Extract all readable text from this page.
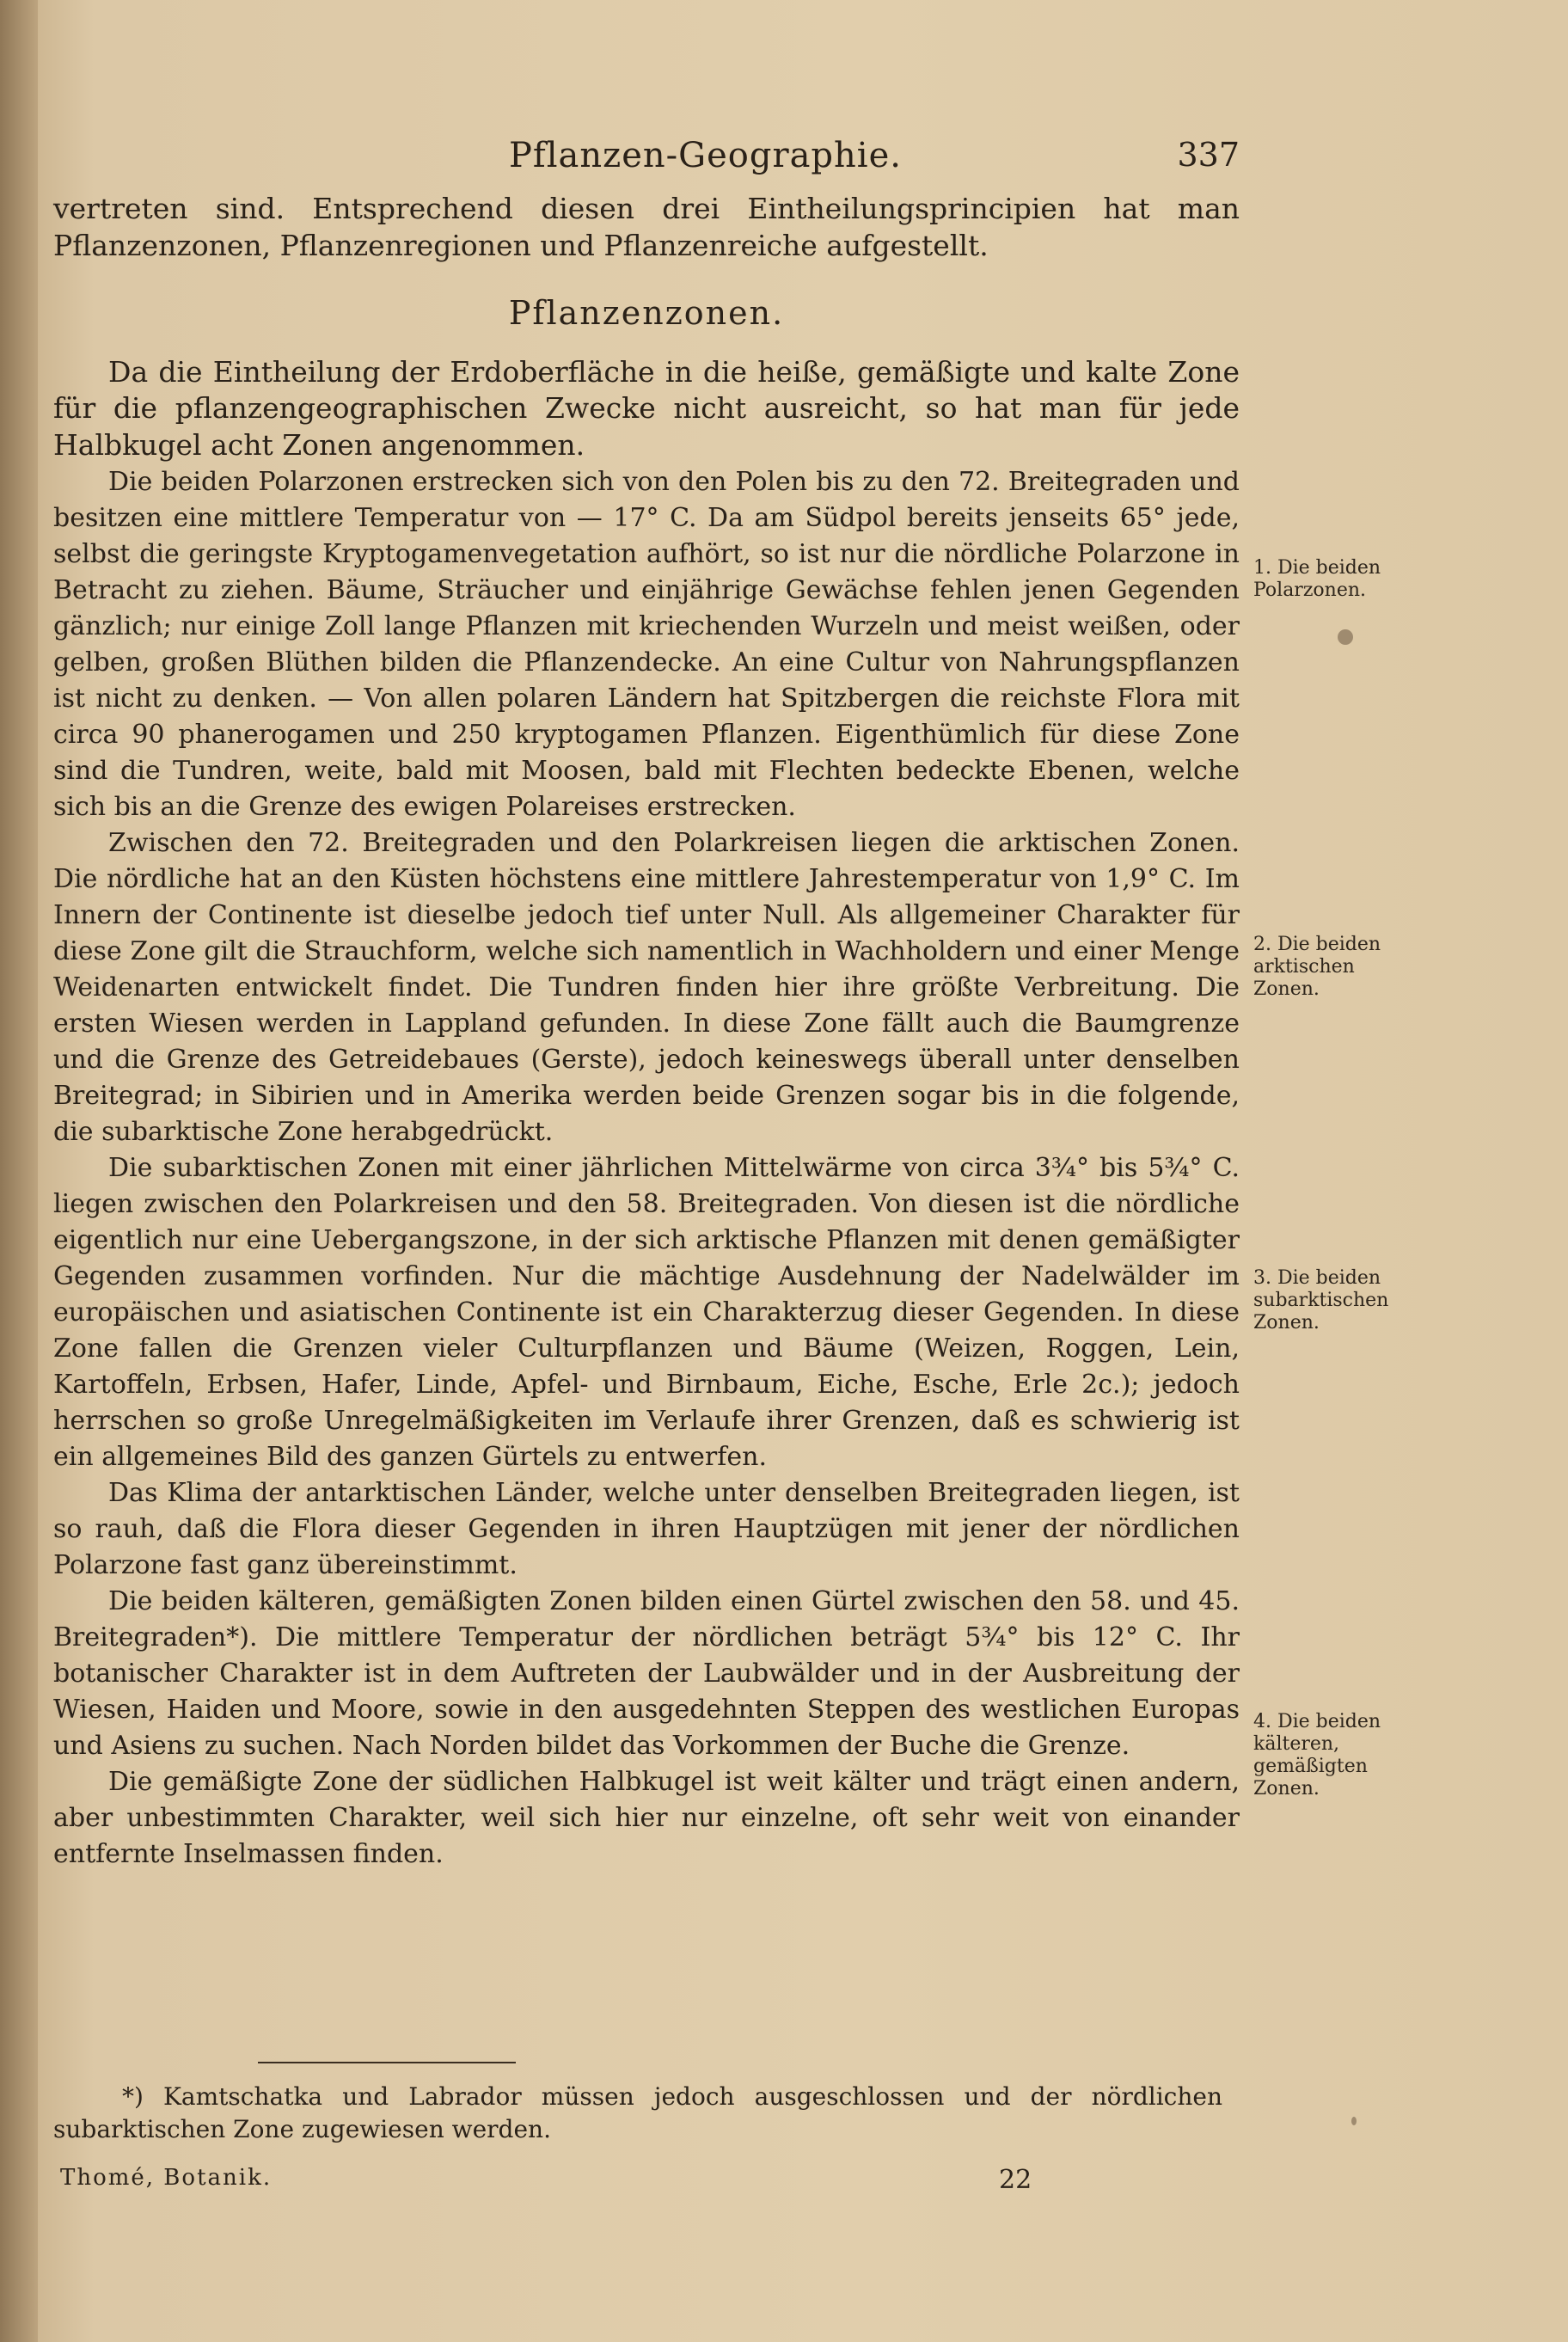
Pflanzen-Geographie.	337

vertreten sind. Entsprechend diesen drei Eintheilungsprincipien hat man Pflanzenzonen, Pflanzenregionen und Pflanzenreiche aufgestellt.

Pflanzenzonen.

Da die Eintheilung der Erdoberfläche in die heiße, gemäßigte und kalte Zone für die pflanzengeographischen Zwecke nicht ausreicht, so hat man für jede Halbkugel acht Zonen angenommen.

Die beiden Polarzonen erstrecken sich von den Polen bis zu den 72. Breitegraden und besitzen eine mittlere Temperatur von — 17° C. Da am Südpol bereits jenseits 65° jede, selbst die geringste Kryptogamenvegetation aufhört, so ist nur die nördliche Polarzone in Betracht zu ziehen. Bäume, Sträucher und einjährige Gewächse fehlen jenen Gegenden gänzlich; nur einige Zoll lange Pflanzen mit kriechenden Wurzeln und meist weißen, oder gelben, großen Blüthen bilden die Pflanzendecke. An eine Cultur von Nahrungspflanzen ist nicht zu denken. — Von allen polaren Ländern hat Spitzbergen die reichste Flora mit circa 90 phanerogamen und 250 kryptogamen Pflanzen. Eigenthümlich für diese Zone sind die Tundren, weite, bald mit Moosen, bald mit Flechten bedeckte Ebenen, welche sich bis an die Grenze des ewigen Polareises erstrecken.

Zwischen den 72. Breitegraden und den Polarkreisen liegen die arktischen Zonen. Die nördliche hat an den Küsten höchstens eine mittlere Jahrestemperatur von 1,9° C. Im Innern der Continente ist dieselbe jedoch tief unter Null. Als allgemeiner Charakter für diese Zone gilt die Strauchform, welche sich namentlich in Wachholdern und einer Menge Weidenarten entwickelt findet. Die Tundren finden hier ihre größte Verbreitung. Die ersten Wiesen werden in Lappland gefunden. In diese Zone fällt auch die Baumgrenze und die Grenze des Getreidebaues (Gerste), jedoch keineswegs überall unter denselben Breitegrad; in Sibirien und in Amerika werden beide Grenzen sogar bis in die folgende, die subarktische Zone herabgedrückt.

Die subarktischen Zonen mit einer jährlichen Mittelwärme von circa 3¾° bis 5¾° C. liegen zwischen den Polarkreisen und den 58. Breitegraden. Von diesen ist die nördliche eigentlich nur eine Uebergangszone, in der sich arktische Pflanzen mit denen gemäßigter Gegenden zusammen vorfinden. Nur die mächtige Ausdehnung der Nadelwälder im europäischen und asiatischen Continente ist ein Charakterzug dieser Gegenden. In diese Zone fallen die Grenzen vieler Culturpflanzen und Bäume (Weizen, Roggen, Lein, Kartoffeln, Erbsen, Hafer, Linde, Apfel- und Birnbaum, Eiche, Esche, Erle 2c.); jedoch herrschen so große Unregelmäßigkeiten im Verlaufe ihrer Grenzen, daß es schwierig ist ein allgemeines Bild des ganzen Gürtels zu entwerfen.

Das Klima der antarktischen Länder, welche unter denselben Breitegraden liegen, ist so rauh, daß die Flora dieser Gegenden in ihren Hauptzügen mit jener der nördlichen Polarzone fast ganz übereinstimmt.

Die beiden kälteren, gemäßigten Zonen bilden einen Gürtel zwischen den 58. und 45. Breitegraden*). Die mittlere Temperatur der nördlichen beträgt 5¾° bis 12° C. Ihr botanischer Charakter ist in dem Auftreten der Laubwälder und in der Ausbreitung der Wiesen, Haiden und Moore, sowie in den ausgedehnten Steppen des westlichen Europas und Asiens zu suchen. Nach Norden bildet das Vorkommen der Buche die Grenze.

Die gemäßigte Zone der südlichen Halbkugel ist weit kälter und trägt einen andern, aber unbestimmten Charakter, weil sich hier nur einzelne, oft sehr weit von einander entfernte Inselmassen finden.

1. Die beiden Polarzonen.
2. Die beiden arktischen Zonen.
3. Die beiden subarktischen Zonen.
4. Die beiden kälteren, gemäßigten Zonen.

*) Kamtschatka und Labrador müssen jedoch ausgeschlossen und der nördlichen subarktischen Zone zugewiesen werden.

Thomé, Botanik.	22
